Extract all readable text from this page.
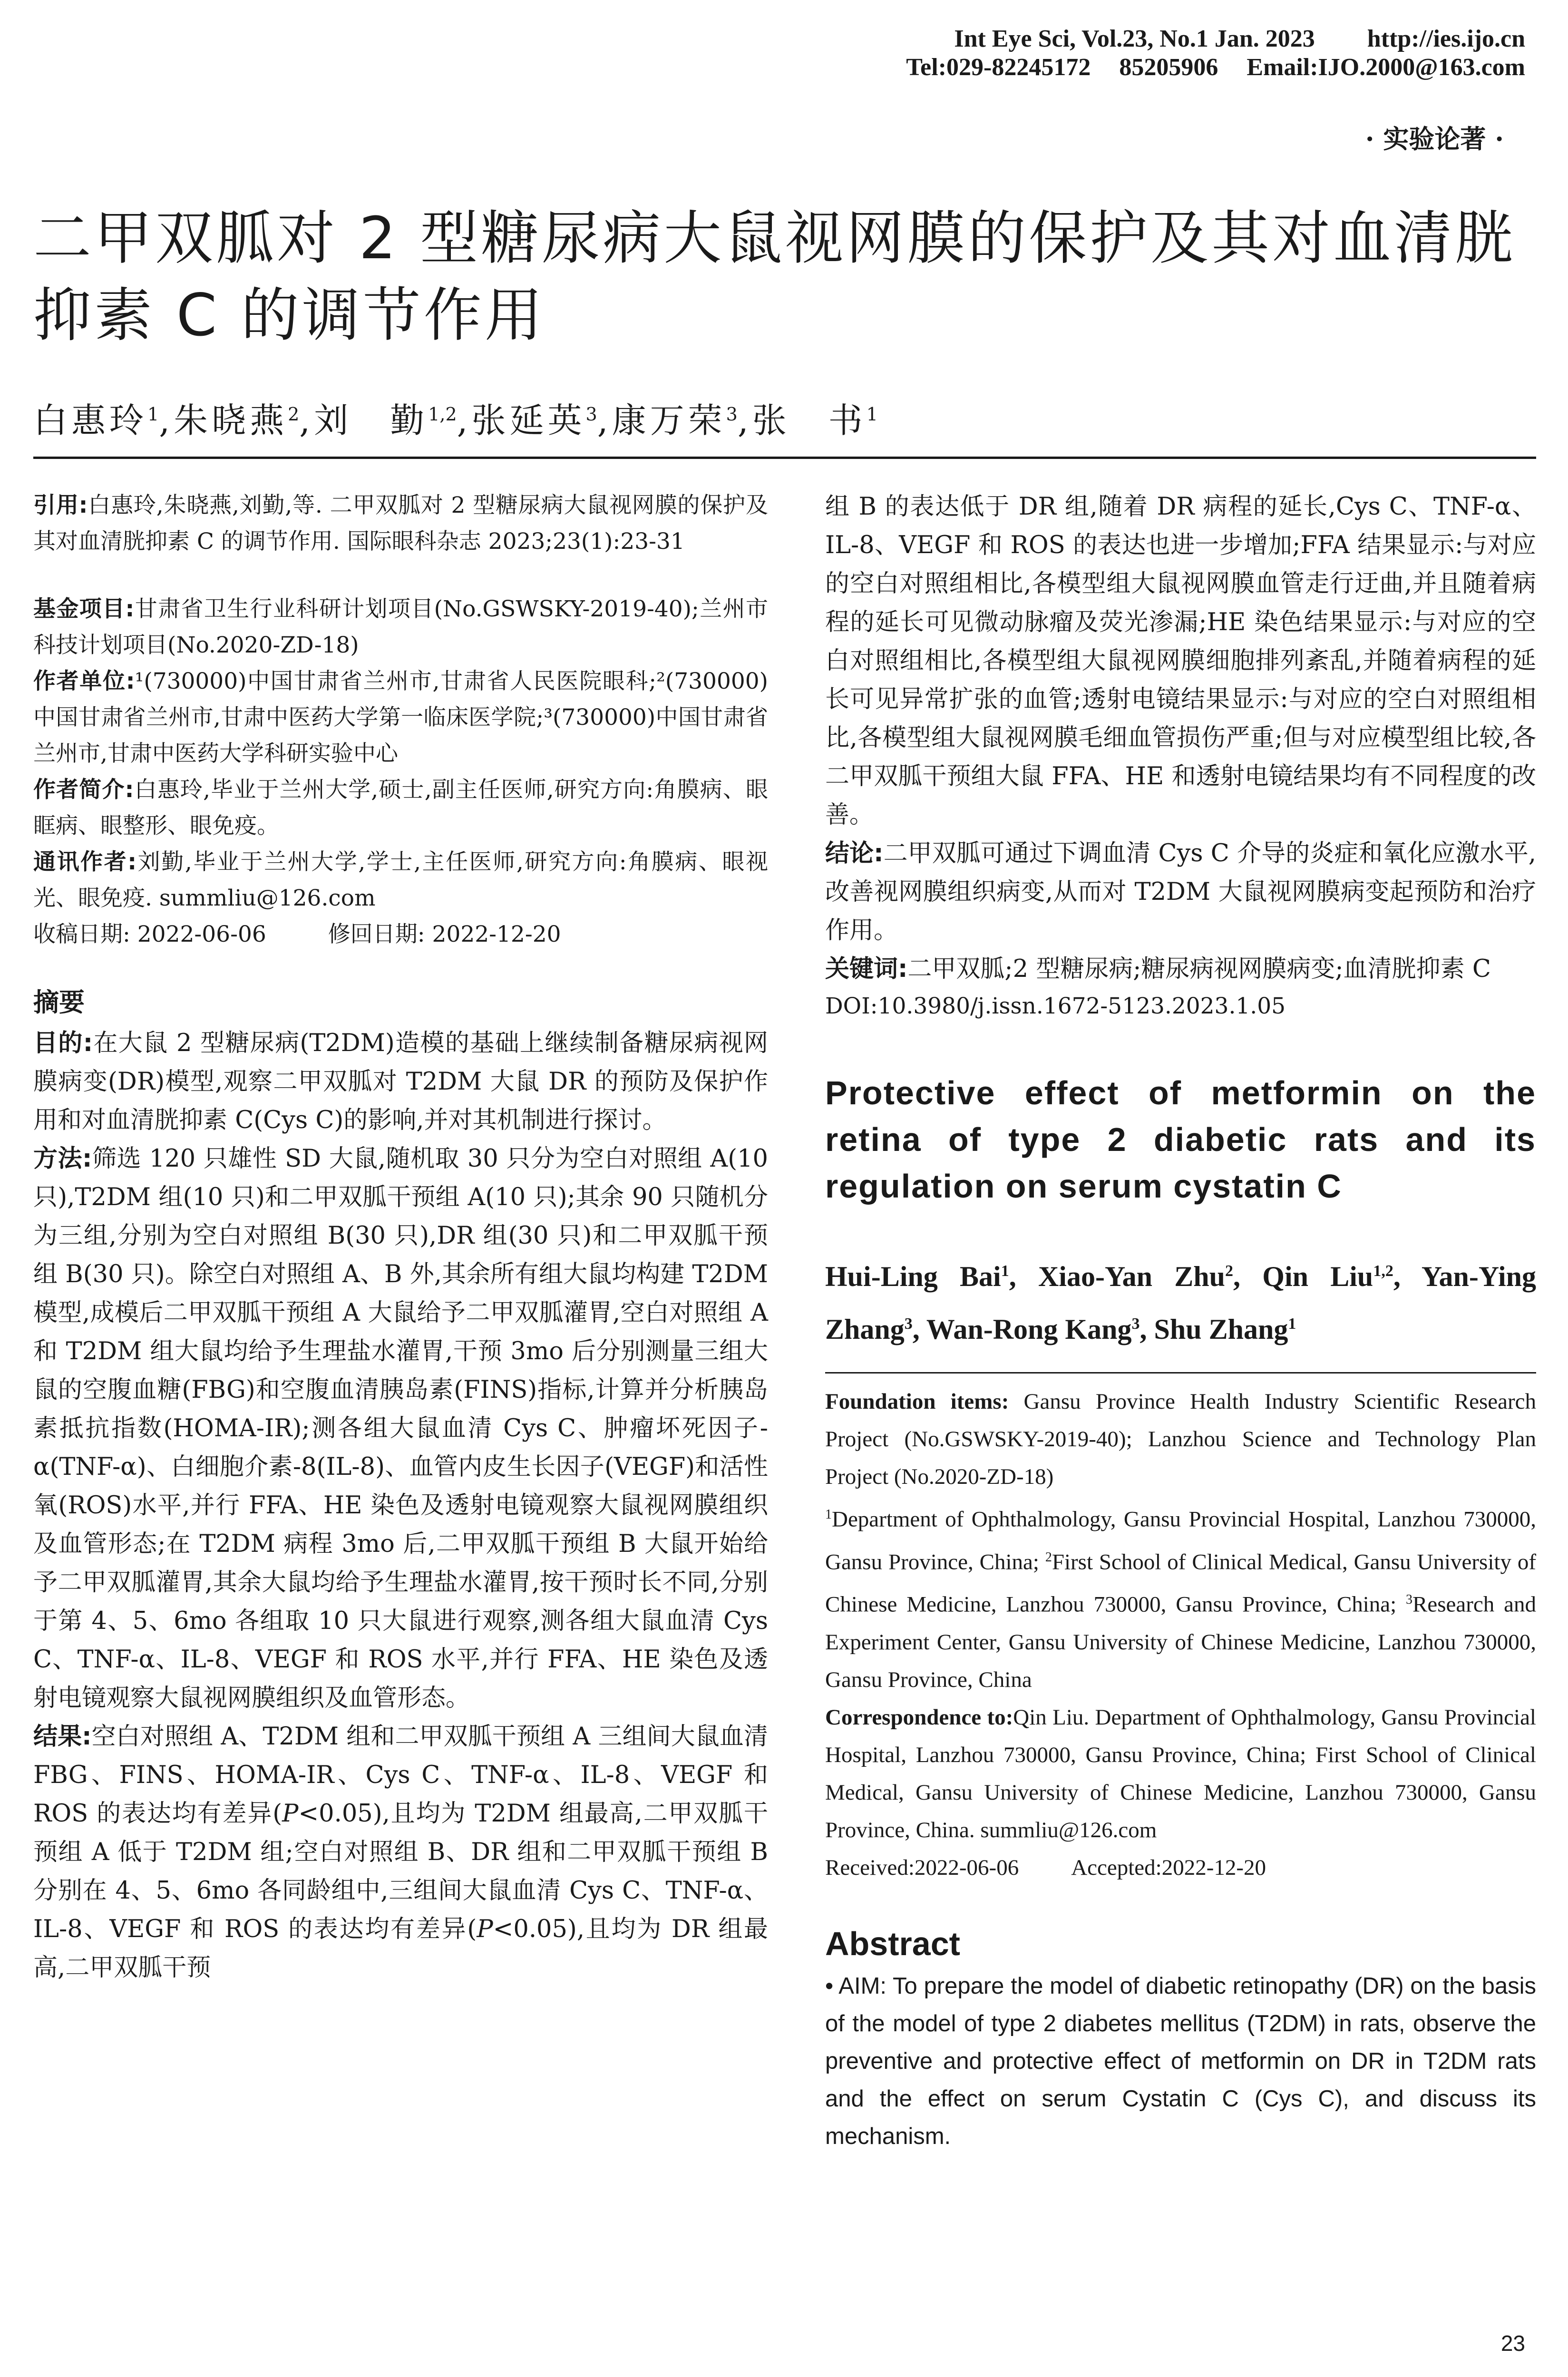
Int Eye Sci, Vol.23, No.1 Jan. 2023 http://ies.ijo.cn
Tel:029-82245172 85205906 Email:IJO.2000@163.com
· 实验论著 ·
二甲双胍对 2 型糖尿病大鼠视网膜的保护及其对血清胱
抑素 C 的调节作用
白惠玲$^1$,朱晓燕$^2$,刘　勤$^{1,2}$,张延英$^3$,康万荣$^3$,张　书$^1$

引用:白惠玲,朱晓燕,刘勤,等. 二甲双胍对 2 型糖尿病大鼠视网膜的保护及其对血清胱抑素 C 的调节作用. 国际眼科杂志 2023;23(1):23-31

基金项目:甘肃省卫生行业科研计划项目(No.GSWSKY-2019-40);兰州市科技计划项目(No.2020-ZD-18)

作者单位:¹(730000)中国甘肃省兰州市,甘肃省人民医院眼科;²(730000)中国甘肃省兰州市,甘肃中医药大学第一临床医学院;³(730000)中国甘肃省兰州市,甘肃中医药大学科研实验中心

作者简介:白惠玲,毕业于兰州大学,硕士,副主任医师,研究方向:角膜病、眼眶病、眼整形、眼免疫。

通讯作者:刘勤,毕业于兰州大学,学士,主任医师,研究方向:角膜病、眼视光、眼免疫. summliu@126.com

收稿日期: 2022-06-06	修回日期: 2022-12-20

摘要

目的:在大鼠 2 型糖尿病(T2DM)造模的基础上继续制备糖尿病视网膜病变(DR)模型,观察二甲双胍对 T2DM 大鼠 DR 的预防及保护作用和对血清胱抑素 C(Cys C)的影响,并对其机制进行探讨。

方法:筛选 120 只雄性 SD 大鼠,随机取 30 只分为空白对照组 A(10 只),T2DM 组(10 只)和二甲双胍干预组 A(10 只);其余 90 只随机分为三组,分别为空白对照组 B(30 只),DR 组(30 只)和二甲双胍干预组 B(30 只)。除空白对照组 A、B 外,其余所有组大鼠均构建 T2DM 模型,成模后二甲双胍干预组 A 大鼠给予二甲双胍灌胃,空白对照组 A 和 T2DM 组大鼠均给予生理盐水灌胃,干预 3mo 后分别测量三组大鼠的空腹血糖(FBG)和空腹血清胰岛素(FINS)指标,计算并分析胰岛素抵抗指数(HOMA-IR);测各组大鼠血清 Cys C、肿瘤坏死因子-α(TNF-α)、白细胞介素-8(IL-8)、血管内皮生长因子(VEGF)和活性氧(ROS)水平,并行 FFA、HE 染色及透射电镜观察大鼠视网膜组织及血管形态;在 T2DM 病程 3mo 后,二甲双胍干预组 B 大鼠开始给予二甲双胍灌胃,其余大鼠均给予生理盐水灌胃,按干预时长不同,分别于第 4、5、6mo 各组取 10 只大鼠进行观察,测各组大鼠血清 Cys C、TNF-α、IL-8、VEGF 和 ROS 水平,并行 FFA、HE 染色及透射电镜观察大鼠视网膜组织及血管形态。

结果:空白对照组 A、T2DM 组和二甲双胍干预组 A 三组间大鼠血清 FBG、FINS、HOMA-IR、Cys C、TNF-α、IL-8、VEGF 和 ROS 的表达均有差异(P<0.05),且均为 T2DM 组最高,二甲双胍干预组 A 低于 T2DM 组;空白对照组 B、DR 组和二甲双胍干预组 B 分别在 4、5、6mo 各同龄组中,三组间大鼠血清 Cys C、TNF-α、IL-8、VEGF 和 ROS 的表达均有差异(P<0.05),且均为 DR 组最高,二甲双胍干预

组 B 的表达低于 DR 组,随着 DR 病程的延长,Cys C、TNF-α、IL-8、VEGF 和 ROS 的表达也进一步增加;FFA 结果显示:与对应的空白对照组相比,各模型组大鼠视网膜血管走行迂曲,并且随着病程的延长可见微动脉瘤及荧光渗漏;HE 染色结果显示:与对应的空白对照组相比,各模型组大鼠视网膜细胞排列紊乱,并随着病程的延长可见异常扩张的血管;透射电镜结果显示:与对应的空白对照组相比,各模型组大鼠视网膜毛细血管损伤严重;但与对应模型组比较,各二甲双胍干预组大鼠 FFA、HE 和透射电镜结果均有不同程度的改善。

结论:二甲双胍可通过下调血清 Cys C 介导的炎症和氧化应激水平,改善视网膜组织病变,从而对 T2DM 大鼠视网膜病变起预防和治疗作用。

关键词:二甲双胍;2 型糖尿病;糖尿病视网膜病变;血清胱抑素 C

DOI:10.3980/j.issn.1672-5123.2023.1.05

Protective effect of metformin on the retina of type 2 diabetic rats and its regulation on serum cystatin C

Hui-Ling Bai$^1$, Xiao-Yan Zhu$^2$, Qin Liu$^{1,2}$, Yan-Ying Zhang$^3$, Wan-Rong Kang$^3$, Shu Zhang$^1$

Foundation items: Gansu Province Health Industry Scientific Research Project (No.GSWSKY-2019-40); Lanzhou Science and Technology Plan Project (No.2020-ZD-18)

$^1$Department of Ophthalmology, Gansu Provincial Hospital, Lanzhou 730000, Gansu Province, China; $^2$First School of Clinical Medical, Gansu University of Chinese Medicine, Lanzhou 730000, Gansu Province, China; $^3$Research and Experiment Center, Gansu University of Chinese Medicine, Lanzhou 730000, Gansu Province, China

Correspondence to:Qin Liu. Department of Ophthalmology, Gansu Provincial Hospital, Lanzhou 730000, Gansu Province, China; First School of Clinical Medical, Gansu University of Chinese Medicine, Lanzhou 730000, Gansu Province, China. summliu@126.com

Received:2022-06-06 Accepted:2022-12-20

Abstract

• AIM: To prepare the model of diabetic retinopathy (DR) on the basis of the model of type 2 diabetes mellitus (T2DM) in rats, observe the preventive and protective effect of metformin on DR in T2DM rats and the effect on serum Cystatin C (Cys C), and discuss its mechanism.

23
